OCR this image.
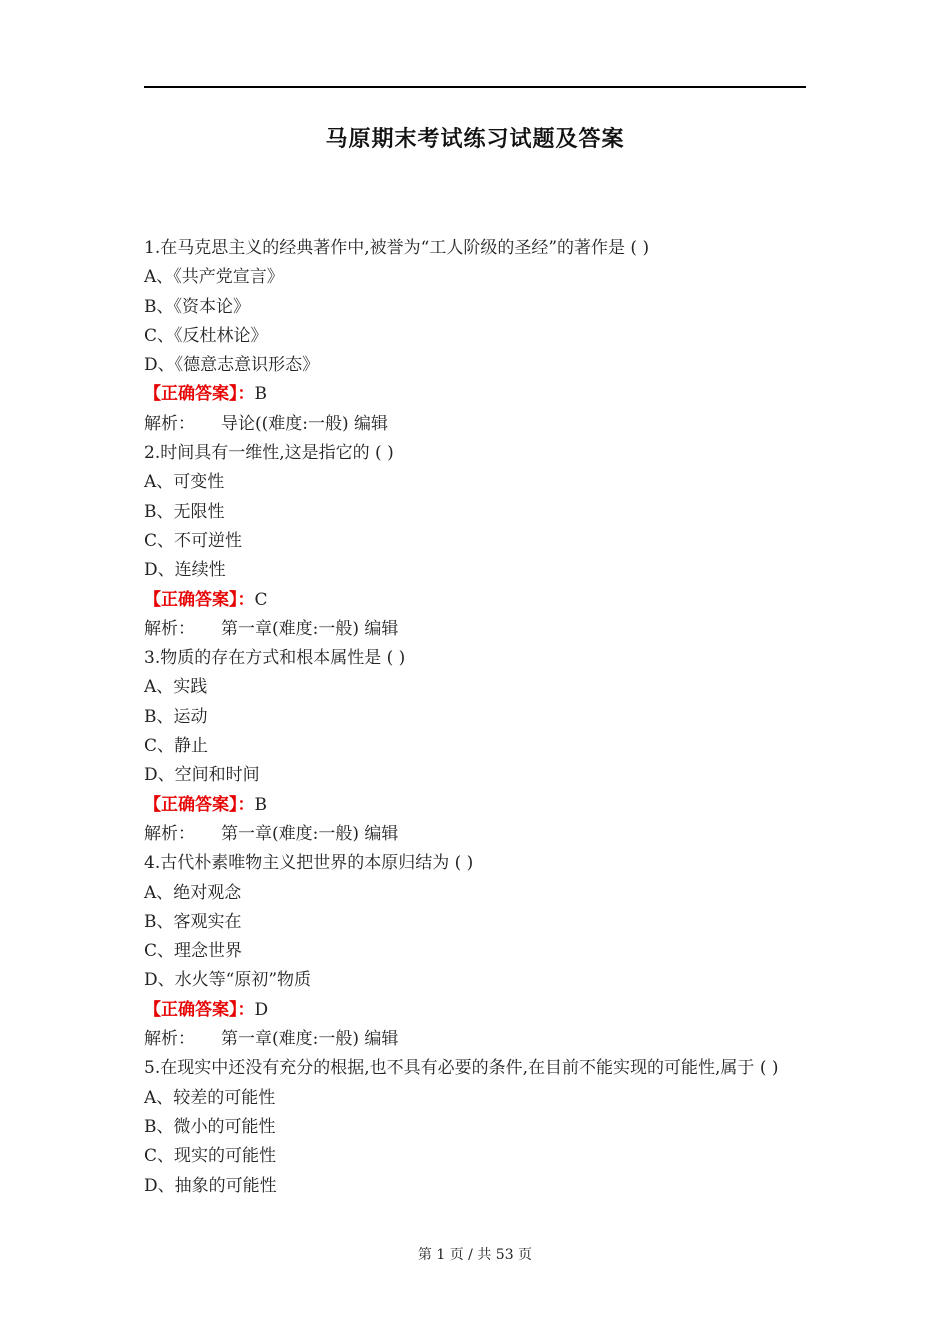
马原期末考试练习试题及答案
1.在马克思主义的经典著作中,被誉为“工人阶级的圣经”的著作是 ( )
A、《共产党宣言》
B、《资本论》
C、《反杜林论》
D、《德意志意识形态》
【正确答案】：B
解析： 导论((难度:一般) 编辑
2.时间具有一维性,这是指它的 ( )
A、可变性
B、无限性
C、不可逆性
D、连续性
【正确答案】：C
解析： 第一章(难度:一般) 编辑
3.物质的存在方式和根本属性是 ( )
A、实践
B、运动
C、静止
D、空间和时间
【正确答案】：B
解析： 第一章(难度:一般) 编辑
4.古代朴素唯物主义把世界的本原归结为 ( )
A、绝对观念
B、客观实在
C、理念世界
D、水火等“原初”物质
【正确答案】：D
解析： 第一章(难度:一般) 编辑
5.在现实中还没有充分的根据,也不具有必要的条件,在目前不能实现的可能性,属于 ( )
A、较差的可能性
B、微小的可能性
C、现实的可能性
D、抽象的可能性
第 1 页 / 共 53 页
